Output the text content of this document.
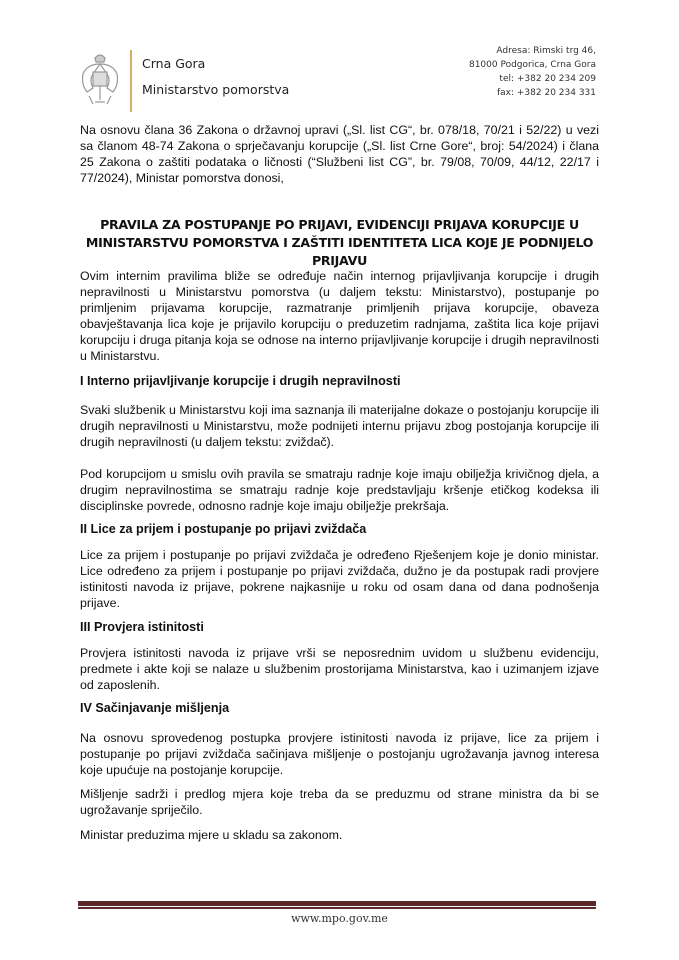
Crna Gora
Ministarstvo pomorstva
Adresa: Rimski trg 46,
81000 Podgorica, Crna Gora
tel: +382 20 234 209
fax: +382 20 234 331
Na osnovu člana 36 Zakona o državnoj upravi („Sl. list CG“, br. 078/18, 70/21 i 52/22) u vezi sa članom 48-74 Zakona o sprječavanju korupcije („Sl. list Crne Gore“, broj: 54/2024) i člana 25 Zakona o zaštiti podataka o ličnosti (“Službeni list CG”, br. 79/08, 70/09, 44/12, 22/17 i 77/2024), Ministar pomorstva donosi,
PRAVILA ZA POSTUPANJE PO PRIJAVI, EVIDENCIJI PRIJAVA KORUPCIJE U MINISTARSTVU POMORSTVA I ZAŠTITI IDENTITETA LICA KOJE JE PODNIJELO PRIJAVU
Ovim internim pravilima bliže se određuje način internog prijavljivanja korupcije i drugih nepravilnosti u Ministarstvu pomorstva (u daljem tekstu: Ministarstvo), postupanje po primljenim prijavama korupcije, razmatranje primljenih prijava korupcije, obaveza obavještavanja lica koje je prijavilo korupciju o preduzetim radnjama, zaštita lica koje prijavi korupciju i druga pitanja koja se odnose na interno prijavljivanje korupcije i drugih nepravilnosti u Ministarstvu.
I Interno prijavljivanje korupcije i drugih nepravilnosti
Svaki službenik u Ministarstvu koji ima saznanja ili materijalne dokaze o postojanju korupcije ili drugih nepravilnosti u Ministarstvu, može podnijeti internu prijavu zbog postojanja korupcije ili drugih nepravilnosti (u daljem tekstu: zviždač).
Pod korupcijom u smislu ovih pravila se smatraju radnje koje imaju obilježja krivičnog djela, a drugim nepravilnostima se smatraju radnje koje predstavljaju kršenje etičkog kodeksa ili disciplinske povrede, odnosno radnje koje imaju obilježje prekršaja.
II Lice za prijem i postupanje po prijavi zviždača
Lice za prijem i postupanje po prijavi zviždača je određeno Rješenjem koje je donio ministar. Lice određeno za prijem i postupanje po prijavi zviždača, dužno je da postupak radi provjere istinitosti navoda iz prijave, pokrene najkasnije u roku od osam dana od dana podnošenja prijave.
III Provjera istinitosti
Provjera istinitosti navoda iz prijave vrši se neposrednim uvidom u službenu evidenciju, predmete i akte koji se nalaze u službenim prostorijama Ministarstva, kao i uzimanjem izjave od zaposlenih.
IV Sačinjavanje mišljenja
Na osnovu sprovedenog postupka provjere istinitosti navoda iz prijave, lice za prijem i postupanje po prijavi zviždača sačinjava mišljenje o postojanju ugrožavanja javnog interesa koje upućuje na postojanje korupcije.
Mišljenje sadrži i predlog mjera koje treba da se preduzmu od strane ministra da bi se ugrožavanje spriječilo.
Ministar preduzima mjere u skladu sa zakonom.
www.mpo.gov.me
